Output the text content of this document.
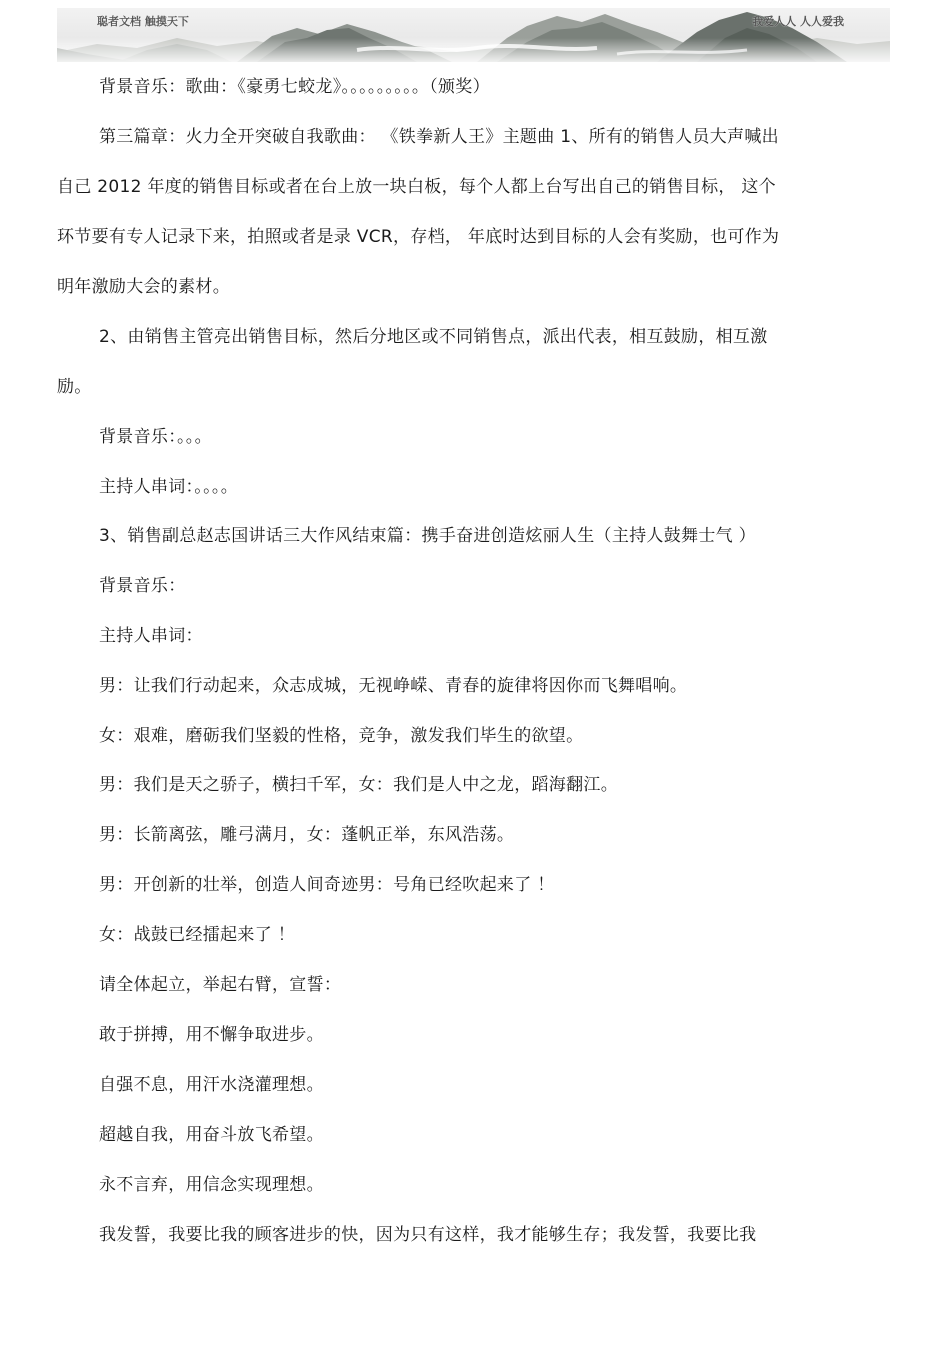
聪者文档 触摸天下	我爱人人 人人爱我
背景音乐：歌曲：《豪勇七蛟龙》。。。。。。。。。（颁奖）
第三篇章：火力全开突破自我歌曲： 《铁拳新人王》主题曲 1、所有的销售人员大声喊出
自己 2012 年度的销售目标或者在台上放一块白板，每个人都上台写出自己的销售目标， 这个
环节要有专人记录下来，拍照或者是录 VCR，存档， 年底时达到目标的人会有奖励，也可作为
明年激励大会的素材。
2、由销售主管亮出销售目标，然后分地区或不同销售点，派出代表，相互鼓励，相互激
励。
背景音乐：。。。
主持人串词：。。。。
3、销售副总赵志国讲话三大作风结束篇：携手奋进创造炫丽人生（主持人鼓舞士气 ）
背景音乐：
主持人串词：
男：让我们行动起来，众志成城，无视峥嵘、青春的旋律将因你而飞舞唱响。
女：艰难，磨砺我们坚毅的性格，竞争，激发我们毕生的欲望。
男：我们是天之骄子，横扫千军，女：我们是人中之龙，蹈海翻江。
男：长箭离弦，雕弓满月，女：蓬帆正举，东风浩荡。
男：开创新的壮举，创造人间奇迹男：号角已经吹起来了 ！
女：战鼓已经擂起来了 ！
请全体起立，举起右臂，宣誓：
敢于拼搏，用不懈争取进步。
自强不息，用汗水浇灌理想。
超越自我，用奋斗放飞希望。
永不言弃，用信念实现理想。
我发誓，我要比我的顾客进步的快，因为只有这样，我才能够生存；我发誓，我要比我
